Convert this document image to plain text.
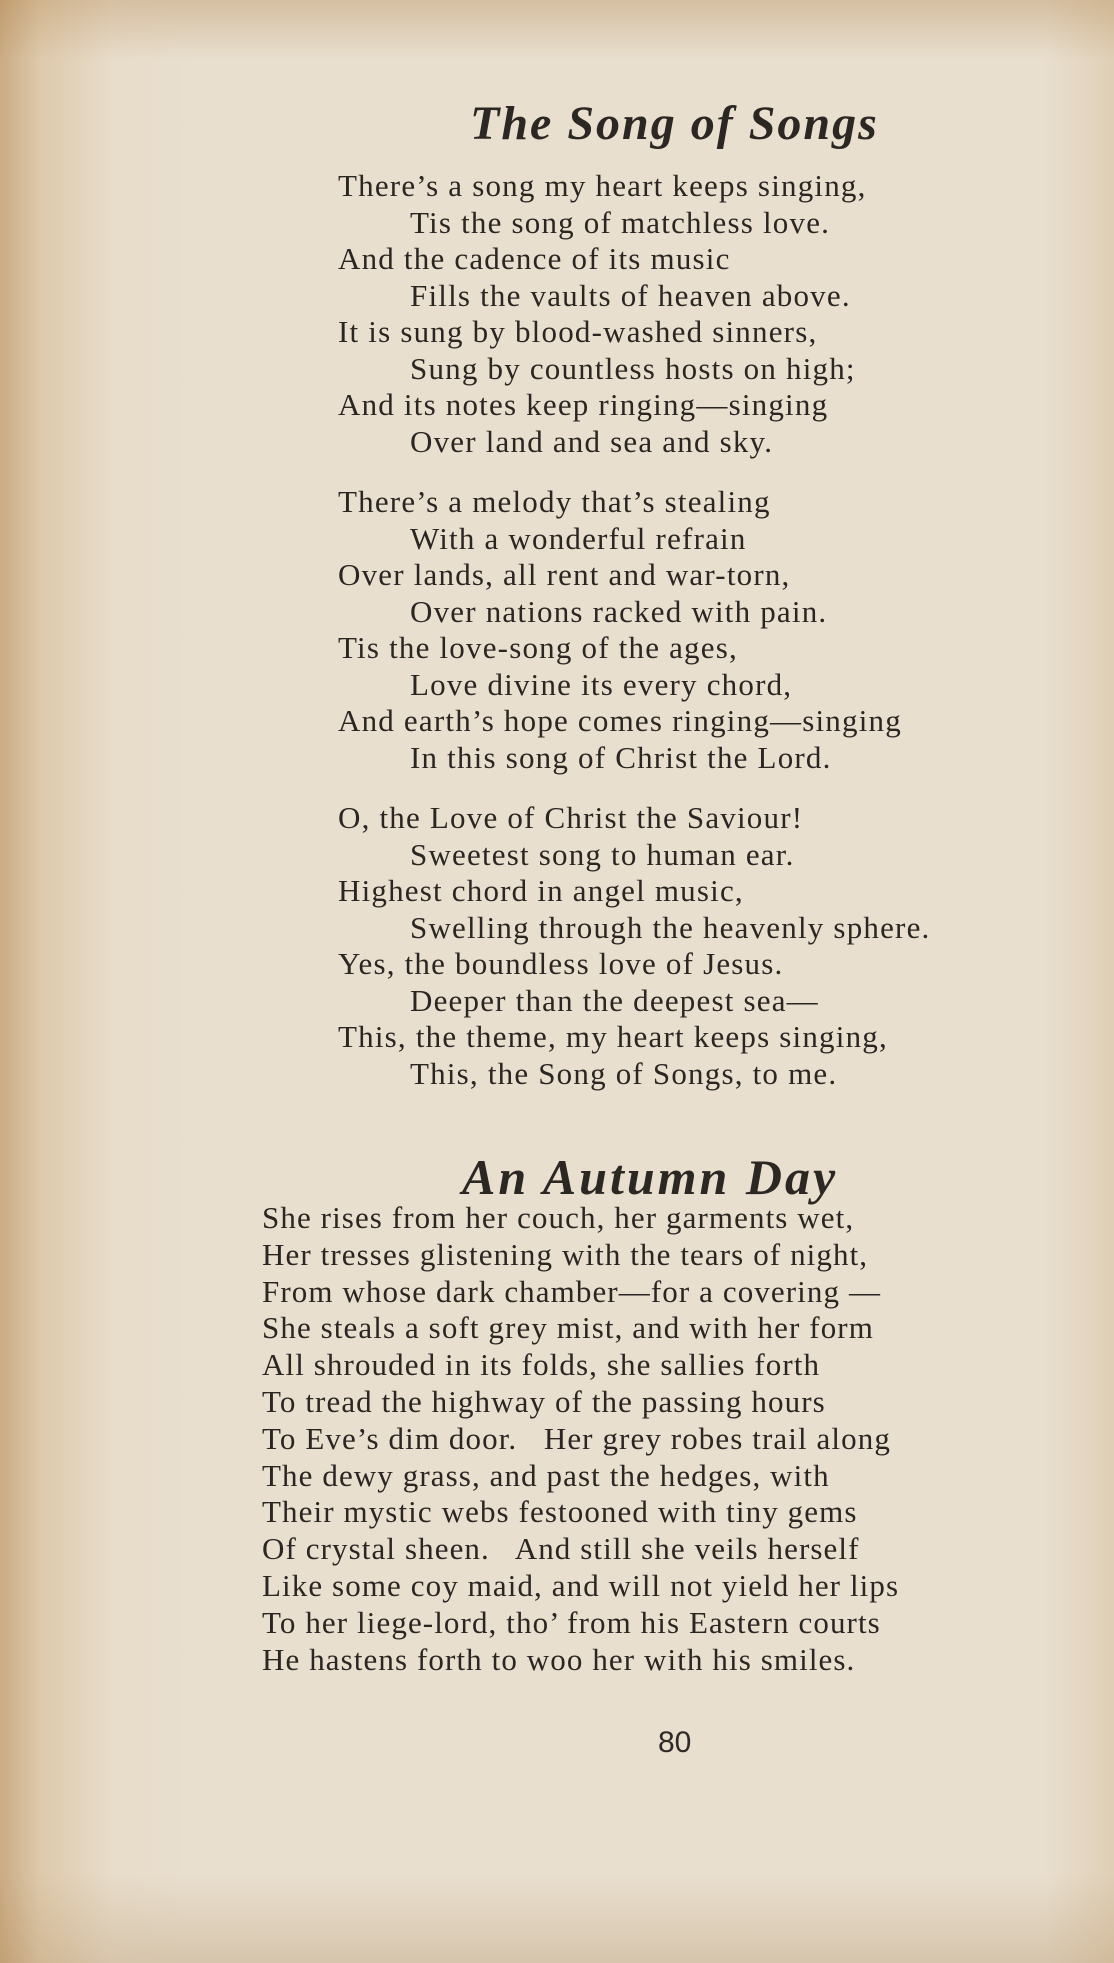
The Song of Songs
There’s a song my heart keeps singing,
Tis the song of matchless love.
And the cadence of its music
Fills the vaults of heaven above.
It is sung by blood-washed sinners,
Sung by countless hosts on high;
And its notes keep ringing—singing
Over land and sea and sky.
There’s a melody that’s stealing
With a wonderful refrain
Over lands, all rent and war-torn,
Over nations racked with pain.
Tis the love-song of the ages,
Love divine its every chord,
And earth’s hope comes ringing—singing
In this song of Christ the Lord.
O, the Love of Christ the Saviour!
Sweetest song to human ear.
Highest chord in angel music,
Swelling through the heavenly sphere.
Yes, the boundless love of Jesus.
Deeper than the deepest sea—
This, the theme, my heart keeps singing,
This, the Song of Songs, to me.
An Autumn Day
She rises from her couch, her garments wet,
Her tresses glistening with the tears of night,
From whose dark chamber—for a covering —
She steals a soft grey mist, and with her form
All shrouded in its folds, she sallies forth
To tread the highway of the passing hours
To Eve’s dim door.   Her grey robes trail along
The dewy grass, and past the hedges, with
Their mystic webs festooned with tiny gems
Of crystal sheen.   And still she veils herself
Like some coy maid, and will not yield her lips
To her liege-lord, tho’ from his Eastern courts
He hastens forth to woo her with his smiles.
80
